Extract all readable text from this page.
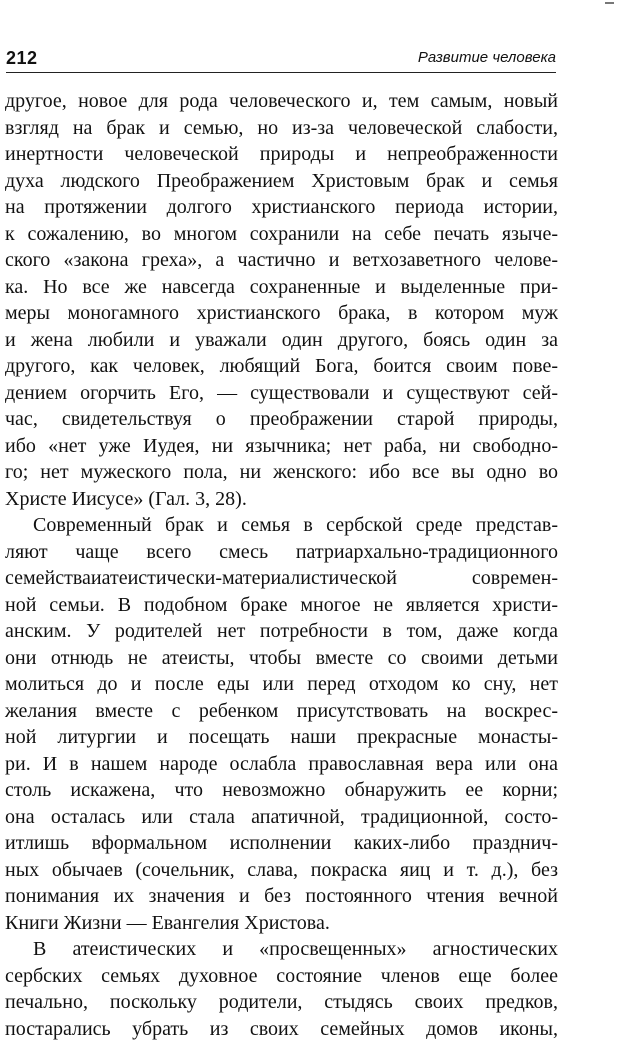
212	Развитие человека
другое, новое для рода человеческого и, тем самым, новый
взгляд на брак и семью, но из-за человеческой слабости,
инертности человеческой природы и непреображенности
духа людского Преображением Христовым брак и семья
на протяжении долгого христианского периода истории,
к сожалению, во многом сохранили на себе печать языче-
ского «закона греха», а частично и ветхозаветного челове-
ка. Но все же навсегда сохраненные и выделенные при-
меры моногамного христианского брака, в котором муж
и жена любили и уважали один другого, боясь один за
другого, как человек, любящий Бога, боится своим пове-
дением огорчить Его, — существовали и существуют сей-
час, свидетельствуя о преображении старой природы,
ибо «нет уже Иудея, ни язычника; нет раба, ни свободно-
го; нет мужеского пола, ни женского: ибо все вы одно во
Христе Иисусе» (Гал. 3, 28).
Современный брак и семья в сербской среде представ-
ляют чаще всего смесь патриархально-традиционного
семействаиатеистически-материалистической современ-
ной семьи. В подобном браке многое не является христи-
анским. У родителей нет потребности в том, даже когда
они отнюдь не атеисты, чтобы вместе со своими детьми
молиться до и после еды или перед отходом ко сну, нет
желания вместе с ребенком присутствовать на воскрес-
ной литургии и посещать наши прекрасные монасты-
ри. И в нашем народе ослабла православная вера или она
столь искажена, что невозможно обнаружить ее корни;
она осталась или стала апатичной, традиционной, состо-
итлишь вформальном исполнении каких-либо празднич-
ных обычаев (сочельник, слава, покраска яиц и т. д.), без
понимания их значения и без постоянного чтения вечной
Книги Жизни — Евангелия Христова.
В атеистических и «просвещенных» агностических
сербских семьях духовное состояние членов еще более
печально, поскольку родители, стыдясь своих предков,
постарались убрать из своих семейных домов иконы,
